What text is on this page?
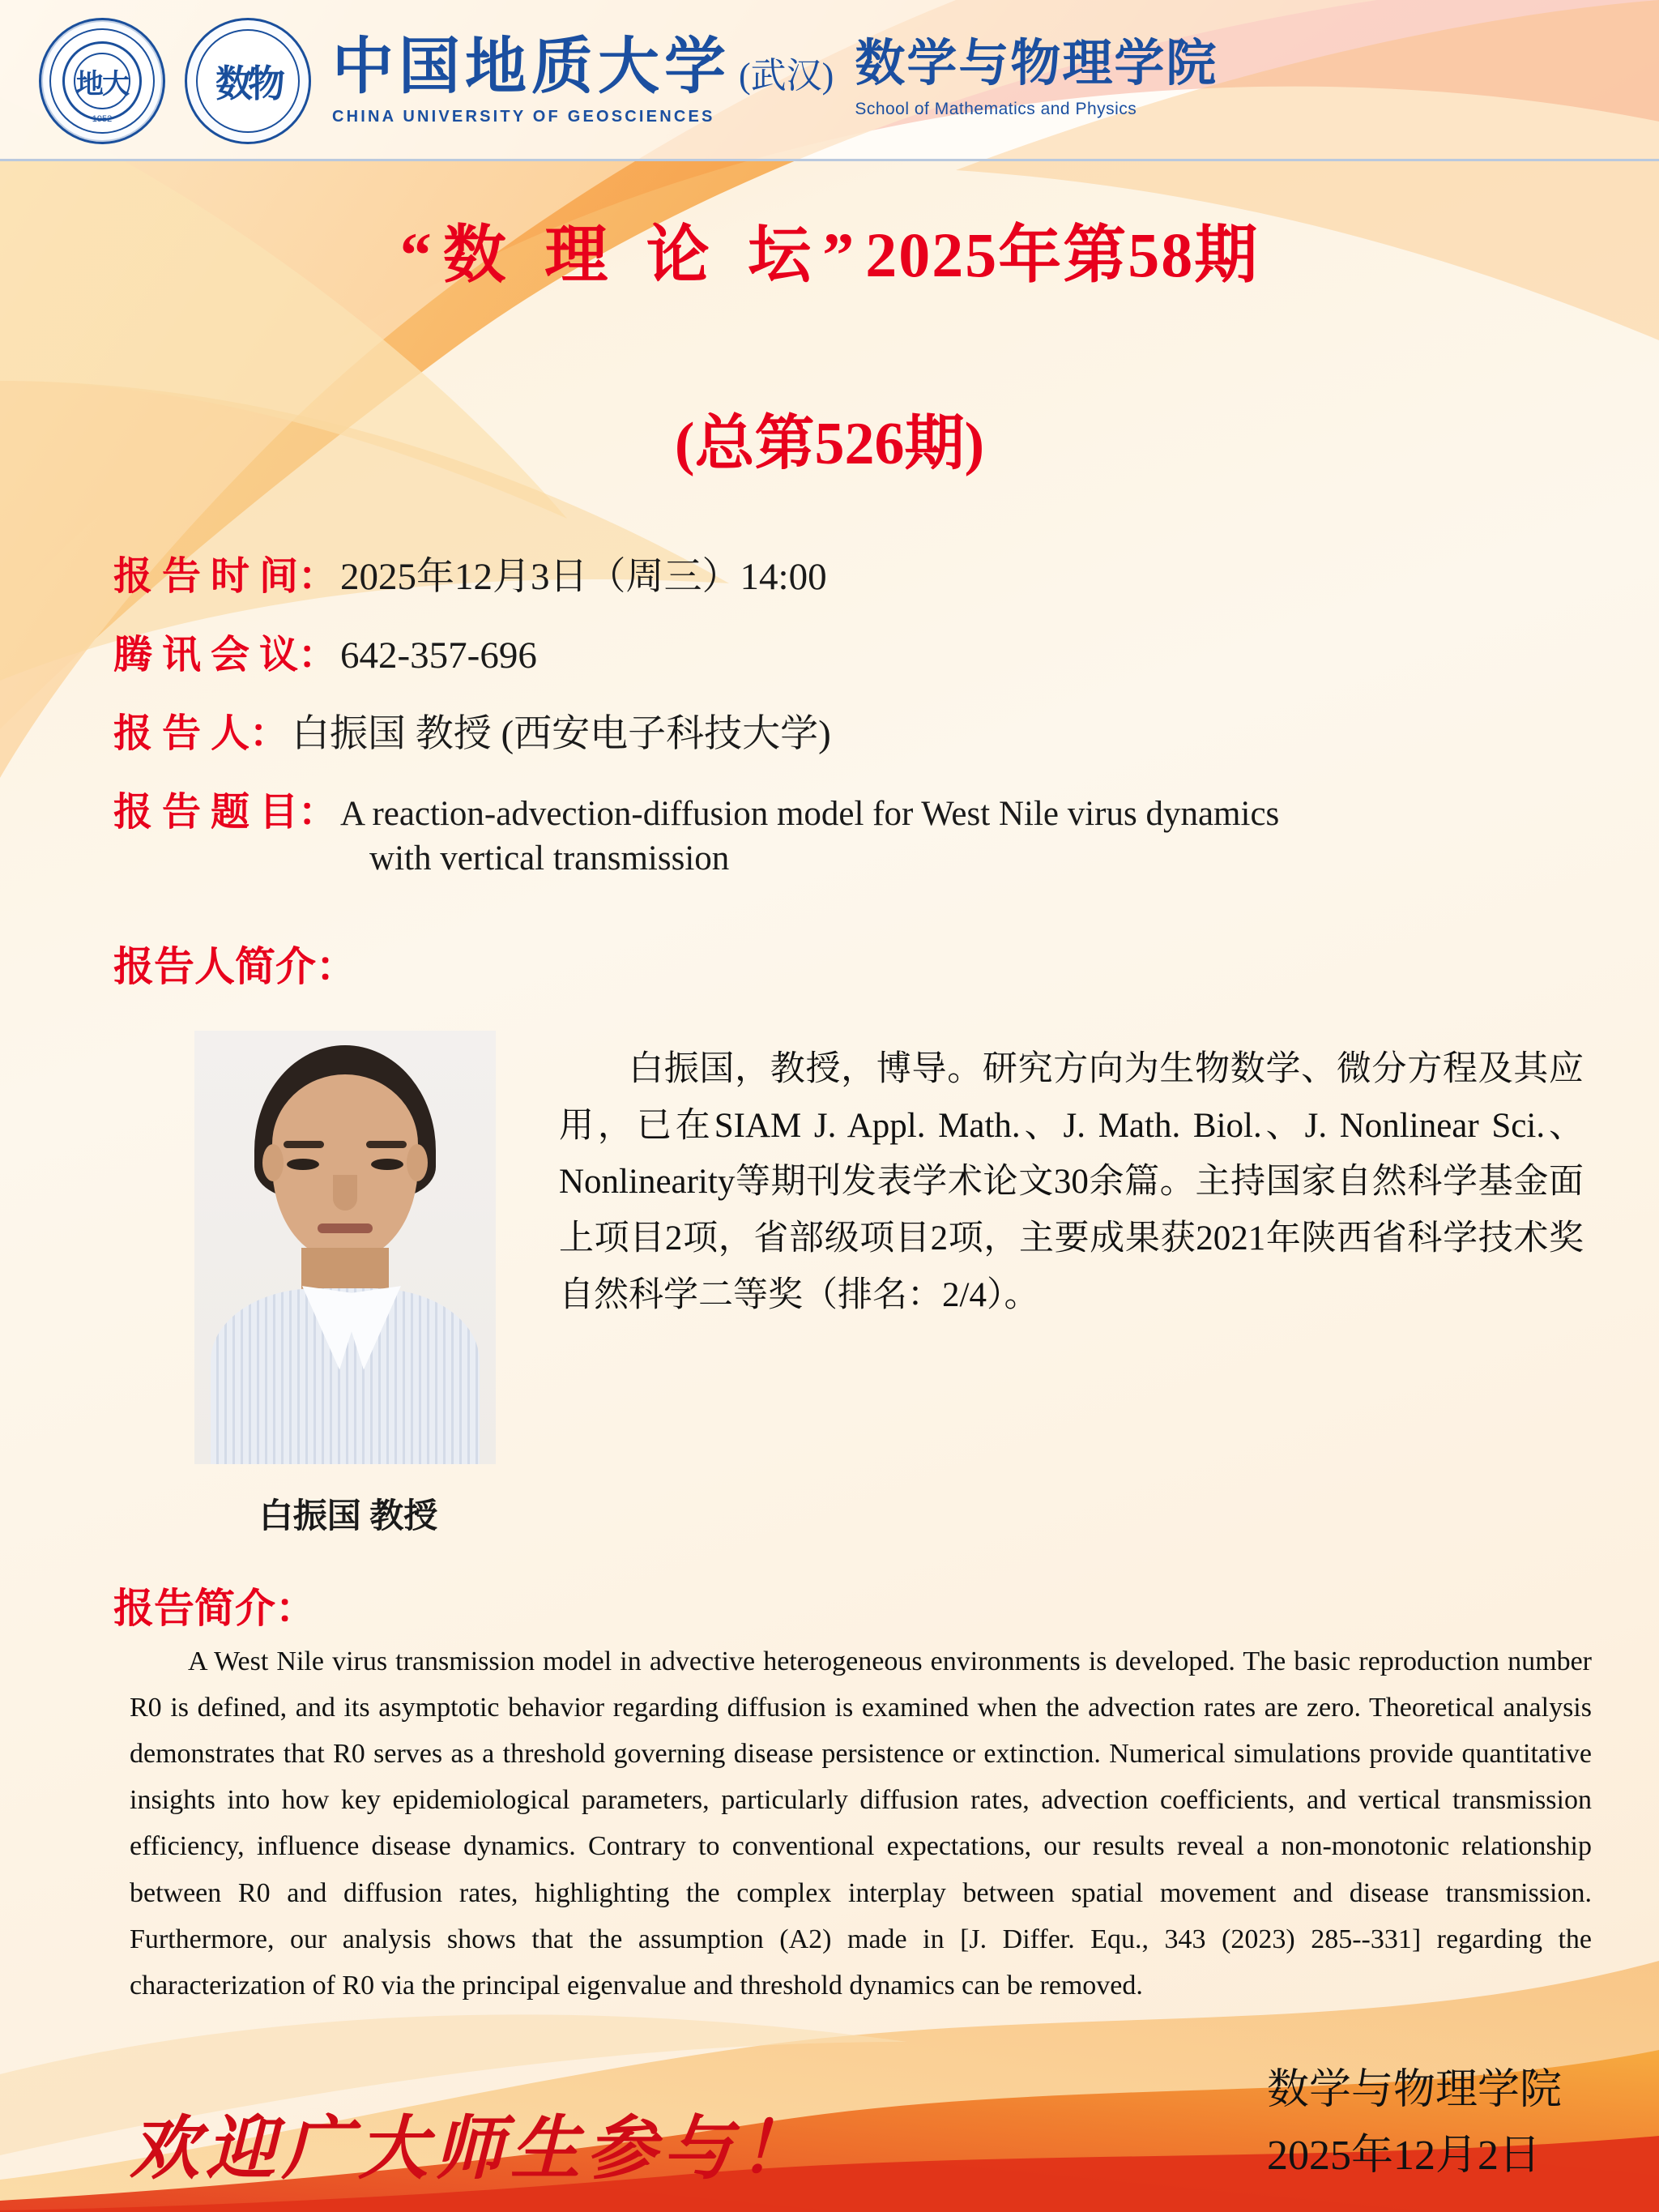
地大
1952
数物 中国地质大学 (武汉)
CHINA UNIVERSITY OF GEOSCIENCES
数学与物理学院
School of Mathematics and Physics
“数 理 论 坛”2025年第58期
(总第526期)
报 告 时 间： 2025年12月3日（周三）14:00
腾 讯 会 议： 642-357-696
报 告 人： 白振国 教授 (西安电子科技大学)
报 告 题 目： A reaction-advection-diffusion model for West Nile virus dynamics
with vertical transmission
报告人简介：
白振国 教授
白振国，教授，博导。研究方向为生物数学、微分方程及其应用，已在SIAM J. Appl. Math.、J. Math. Biol.、J. Nonlinear Sci.、Nonlinearity等期刊发表学术论文30余篇。主持国家自然科学基金面上项目2项，省部级项目2项，主要成果获2021年陕西省科学技术奖自然科学二等奖（排名：2/4）。
报告简介：
A West Nile virus transmission model in advective heterogeneous environments is developed. The basic reproduction number R0 is defined, and its asymptotic behavior regarding diffusion is examined when the advection rates are zero. Theoretical analysis demonstrates that R0 serves as a threshold governing disease persistence or extinction. Numerical simulations provide quantitative insights into how key epidemiological parameters, particularly diffusion rates, advection coefficients, and vertical transmission efficiency, influence disease dynamics. Contrary to conventional expectations, our results reveal a non-monotonic relationship between R0 and diffusion rates, highlighting the complex interplay between spatial movement and disease transmission. Furthermore, our analysis shows that the assumption (A2) made in [J. Differ. Equ., 343 (2023) 285--331] regarding the characterization of R0 via the principal eigenvalue and threshold dynamics can be removed.
欢迎广大师生参与！
数学与物理学院
2025年12月2日
